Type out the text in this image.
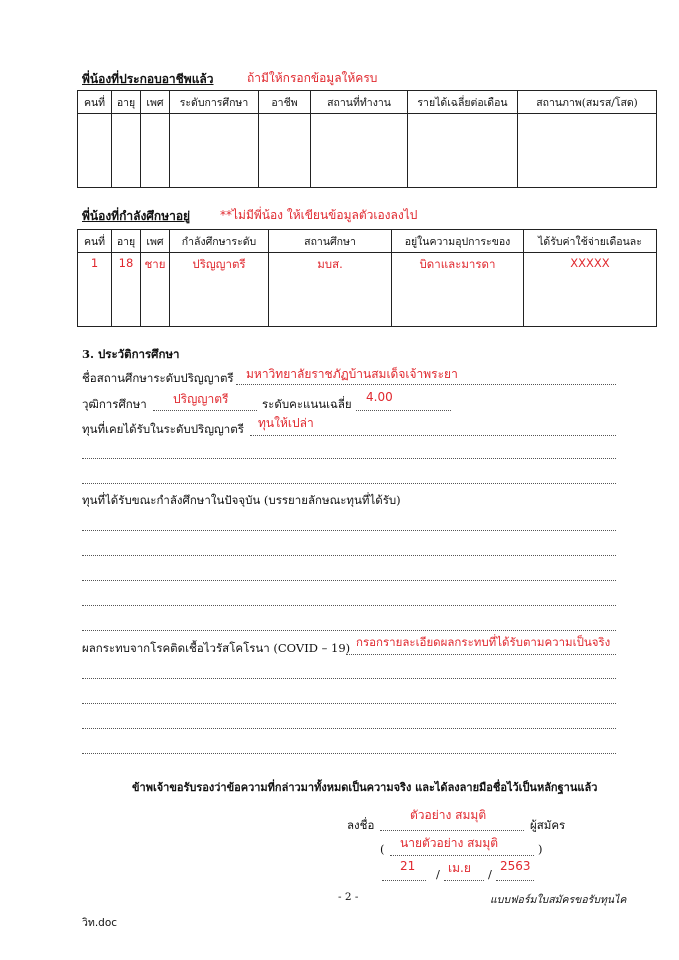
พี่น้องที่ประกอบอาชีพแล้ว	ถ้ามีให้กรอกข้อมูลให้ครบ
คนที่	อายุ	เพศ	ระดับการศึกษา	อาชีพ	สถานที่ทำงาน	รายได้เฉลี่ยต่อเดือน	สถานภาพ(สมรส/โสด)

พี่น้องที่กำลังศึกษาอยู่ **ไม่มีพี่น้อง ให้เขียนข้อมูลตัวเองลงไป
คนที่	อายุ	เพศ	กำลังศึกษาระดับ	สถานศึกษา	อยู่ในความอุปการะของ	ได้รับค่าใช้จ่ายเดือนละ
1	18	ชาย	ปริญญาตรี	มบส.	บิดาและมารดา	XXXXX
3. ประวัติการศึกษา
ชื่อสถานศึกษาระดับปริญญาตรี มหาวิทยาลัยราชภัฏบ้านสมเด็จเจ้าพระยา
วุฒิการศึกษา ปริญญาตรี	ระดับคะแนนเฉลี่ย 4.00
ทุนที่เคยได้รับในระดับปริญญาตรี ทุนให้เปล่า
ทุนที่ได้รับขณะกำลังศึกษาในปัจจุบัน (บรรยายลักษณะทุนที่ได้รับ)
ผลกระทบจากโรคติดเชื้อไวรัสโคโรนา (COVID – 19) กรอกรายละเอียดผลกระทบที่ได้รับตามความเป็นจริง
ข้าพเจ้าขอรับรองว่าข้อความที่กล่าวมาทั้งหมดเป็นความจริง และได้ลงลายมือชื่อไว้เป็นหลักฐานแล้ว
ลงชื่อ
ตัวอย่าง สมมุติ
ผู้สมัคร
( นายตัวอย่าง สมมุติ	)
21
/ เม.ย /
2563
- 2 -	แบบฟอร์มใบสมัครขอรับทุนไค
วิท.doc
